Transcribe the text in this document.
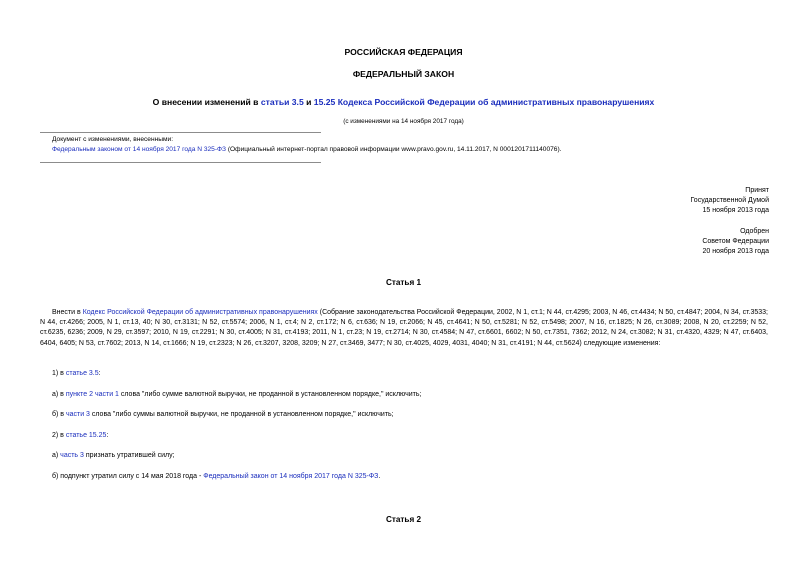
РОССИЙСКАЯ ФЕДЕРАЦИЯ
ФЕДЕРАЛЬНЫЙ ЗАКОН
О внесении изменений в статьи 3.5 и 15.25 Кодекса Российской Федерации об административных правонарушениях
(с изменениями на 14 ноября 2017 года)
Документ с изменениями, внесенными:
Федеральным законом от 14 ноября 2017 года N 325-ФЗ (Официальный интернет-портал правовой информации www.pravo.gov.ru, 14.11.2017, N 0001201711140076).
Принят
Государственной Думой
15 ноября 2013 года
Одобрен
Советом Федерации
20 ноября 2013 года
Статья 1
Внести в Кодекс Российской Федерации об административных правонарушениях (Собрание законодательства Российской Федерации, 2002, N 1, ст.1; N 44, ст.4295; 2003, N 46, ст.4434; N 50, ст.4847; 2004, N 34, ст.3533; N 44, ст.4266; 2005, N 1, ст.13, 40; N 30, ст.3131; N 52, ст.5574; 2006, N 1, ст.4; N 2, ст.172; N 6, ст.636; N 19, ст.2066; N 45, ст.4641; N 50, ст.5281; N 52, ст.5498; 2007, N 16, ст.1825; N 26, ст.3089; 2008, N 20, ст.2259; N 52, ст.6235, 6236; 2009, N 29, ст.3597; 2010, N 19, ст.2291; N 30, ст.4005; N 31, ст.4193; 2011, N 1, ст.23; N 19, ст.2714; N 30, ст.4584; N 47, ст.6601, 6602; N 50, ст.7351, 7362; 2012, N 24, ст.3082; N 31, ст.4320, 4329; N 47, ст.6403, 6404, 6405; N 53, ст.7602; 2013, N 14, ст.1666; N 19, ст.2323; N 26, ст.3207, 3208, 3209; N 27, ст.3469, 3477; N 30, ст.4025, 4029, 4031, 4040; N 31, ст.4191; N 44, ст.5624) следующие изменения:
1) в статье 3.5:
а) в пункте 2 части 1 слова "либо сумме валютной выручки, не проданной в установленном порядке," исключить;
б) в части 3 слова "либо суммы валютной выручки, не проданной в установленном порядке," исключить;
2) в статье 15.25:
а) часть 3 признать утратившей силу;
б) подпункт утратил силу с 14 мая 2018 года - Федеральный закон от 14 ноября 2017 года N 325-ФЗ.
Статья 2
